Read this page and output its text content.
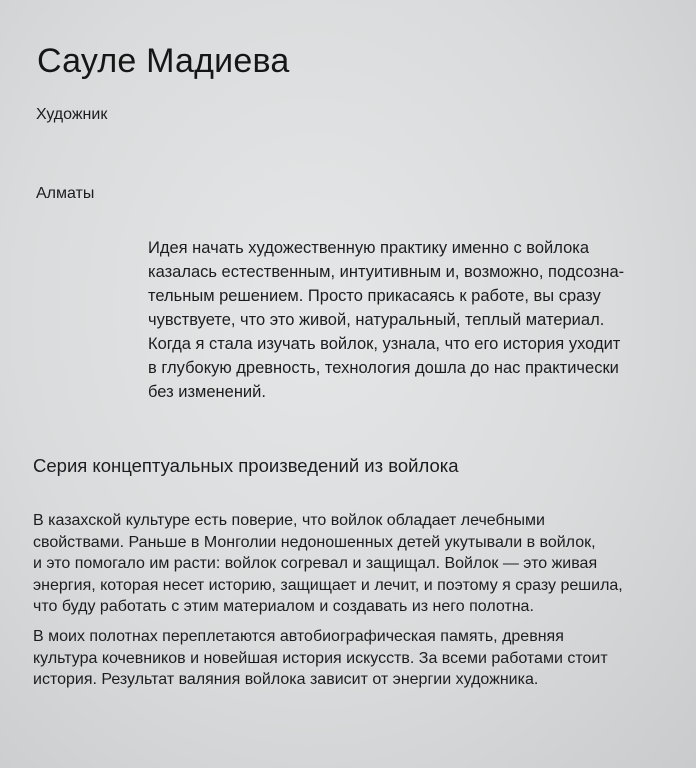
Сауле Мадиева
Художник
Алматы
Идея начать художественную практику именно с войлока
казалась естественным, интуитивным и, возможно, подсозна-
тельным решением. Просто прикасаясь к работе, вы сразу
чувствуете, что это живой, натуральный, теплый материал.
Когда я стала изучать войлок, узнала, что его история уходит
в глубокую древность, технология дошла до нас практически
без изменений.
Серия концептуальных произведений из войлока
В казахской культуре есть поверие, что войлок обладает лечебными
свойствами. Раньше в Монголии недоношенных детей укутывали в войлок,
и это помогало им расти: войлок согревал и защищал. Войлок — это живая
энергия, которая несет историю, защищает и лечит, и поэтому я сразу решила,
что буду работать с этим материалом и создавать из него полотна.
В моих полотнах переплетаются автобиографическая память, древняя
культура кочевников и новейшая история искусств. За всеми работами стоит
история. Результат валяния войлока зависит от энергии художника.
